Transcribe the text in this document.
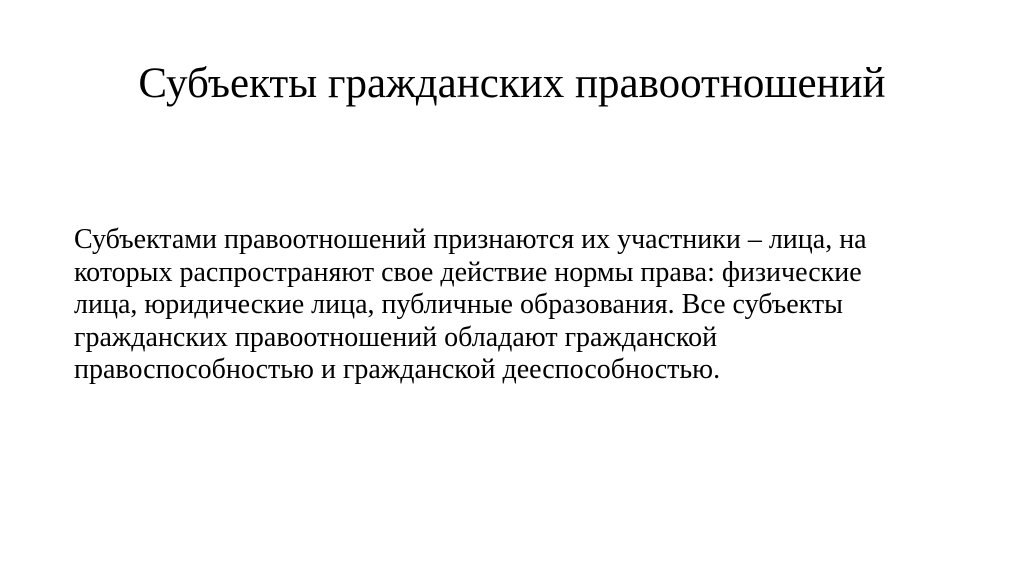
Субъекты гражданских правоотношений

Субъектами правоотношений признаются их участники – лица, на
которых распространяют свое действие нормы права: физические
лица, юридические лица, публичные образования. Все субъекты
гражданских правоотношений обладают гражданской
правоспособностью и гражданской дееспособностью.
